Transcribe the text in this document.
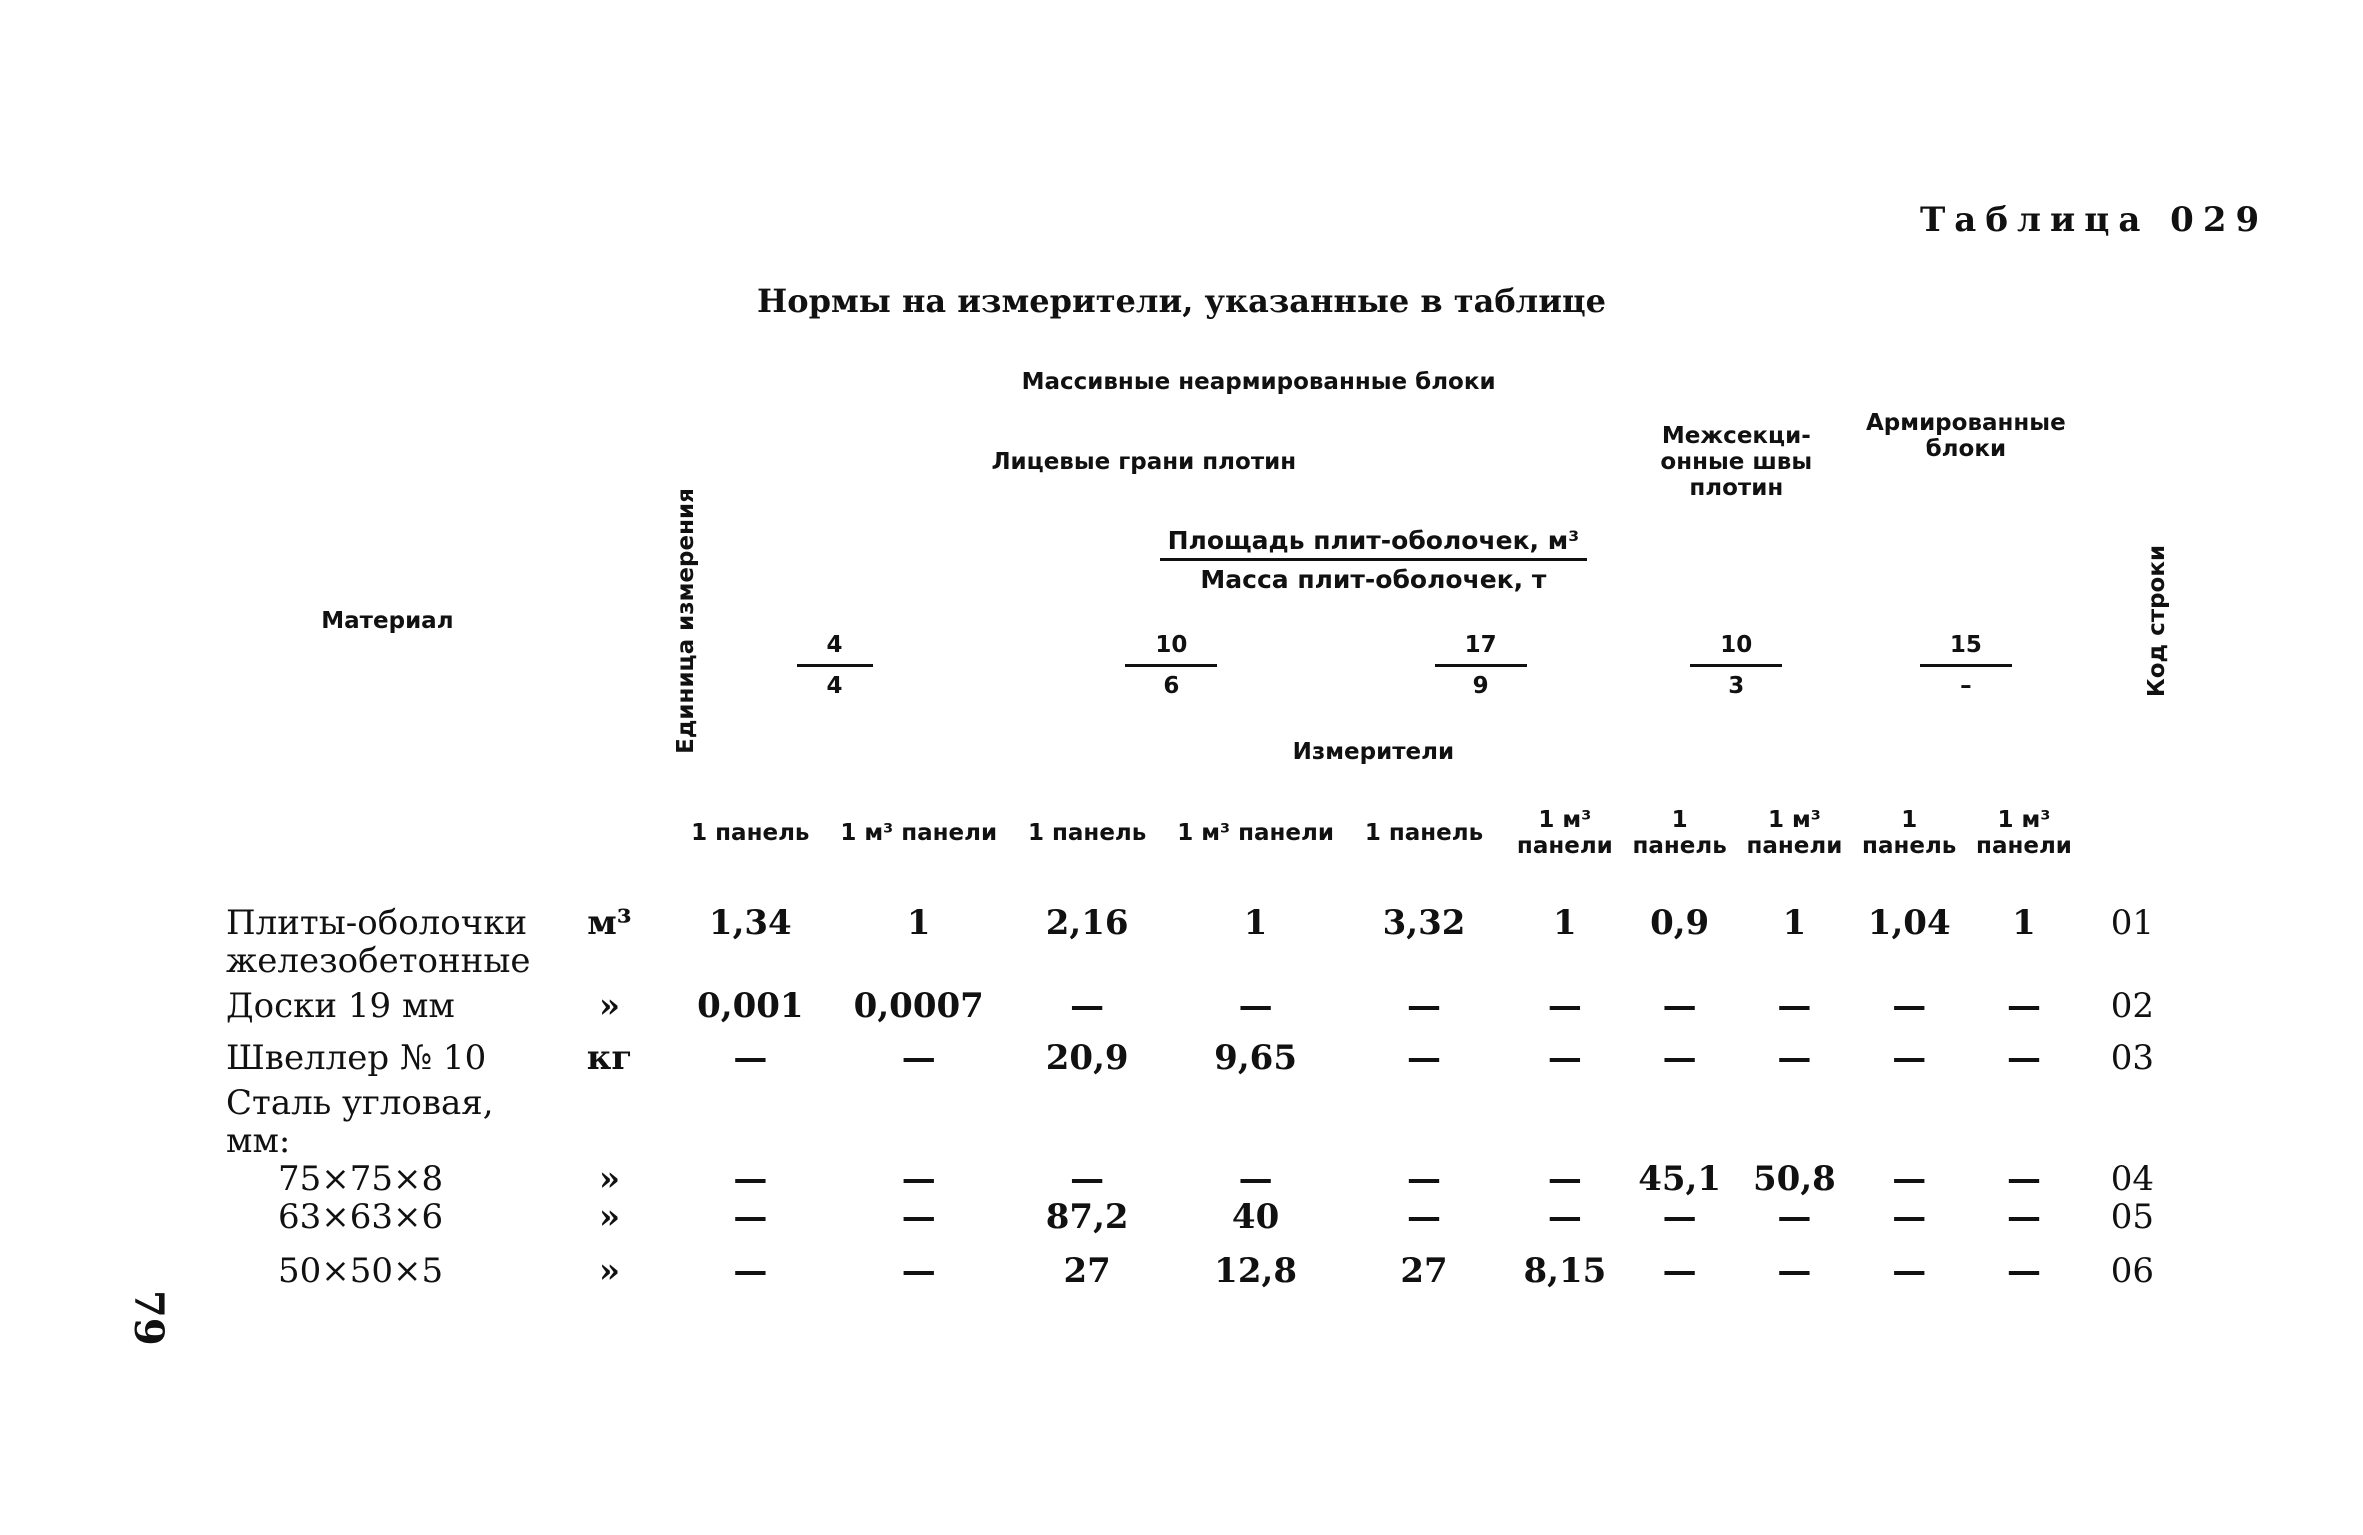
Таблица 029
Нормы на измерители, указанные в таблице
Материал	Единица измерения	Массивные неармированные блоки								Армированные блоки		Код строки
		Лицевые грани плотин						Межсекци-онные швы плотин				

		$\frac{\text{Площадь плит-оболочек, м³}}{\text{Масса плит-оболочек, т}}$

		$\frac{4}{4}$		$\frac{10}{6}$		$\frac{17}{9}$		$\frac{10}{3}$		$\frac{15}{-}$

		Измерители										
		1 панель	1 м³ панели	1 панель	1 м³ панели	1 панель	1 м³ панели	1 панель	1 м³ панели	1 панель	1 м³ панели	
Плиты-оболочки железобетонные	м³	1,34	1	2,16	1	3,32	1	0,9	1	1,04	1	01
Доски 19 мм	»	0,001	0,0007	—	—	—	—	—	—	—	—	02
Швеллер № 10	кг	—	—	20,9	9,65	—	—	—	—	—	—	03
Сталь угловая, мм:												
75×75×8	»	—	—	—	—	—	—	45,1	50,8	—	—	04
63×63×6	»	—	—	87,2	40	—	—	—	—	—	—	05
50×50×5	»	—	—	27	12,8	27	8,15	—	—	—	—	06

79
